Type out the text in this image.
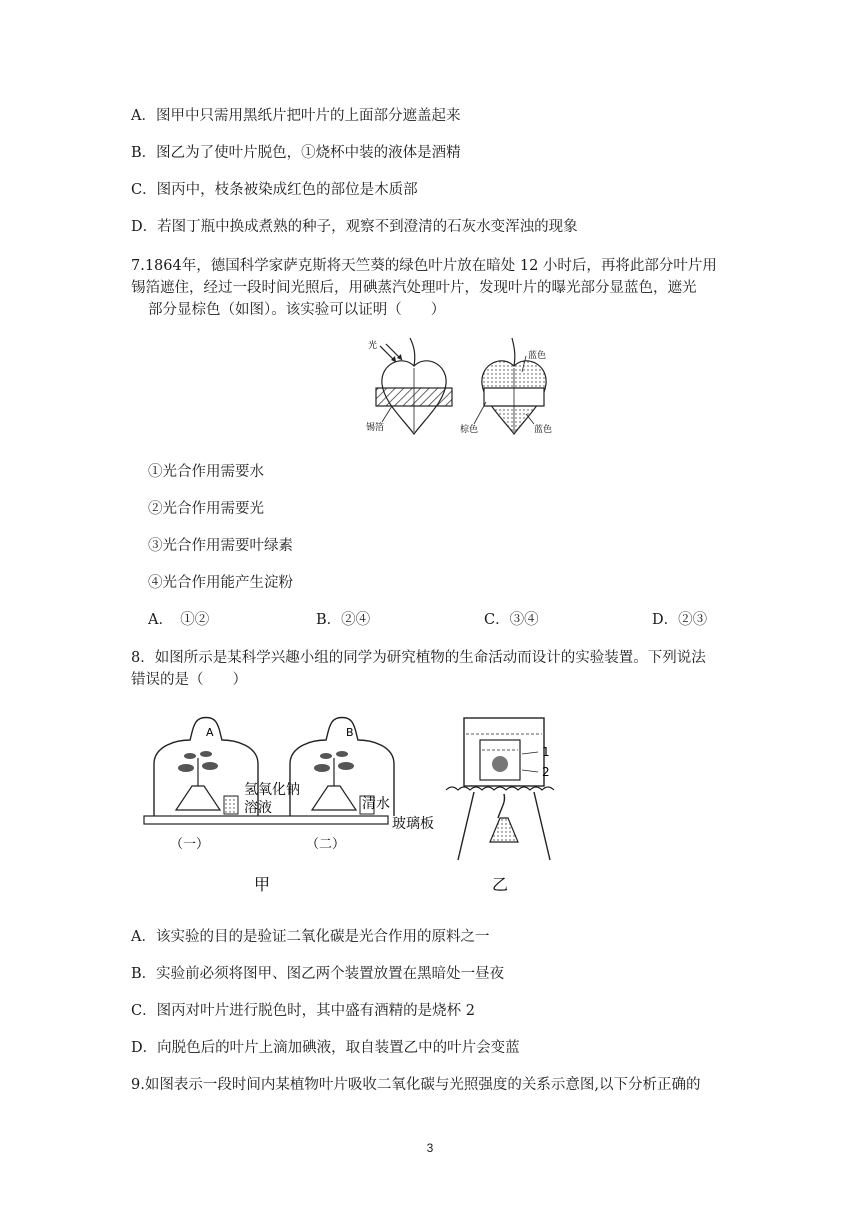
A．图甲中只需用黑纸片把叶片的上面部分遮盖起来
B．图乙为了使叶片脱色，①烧杯中装的液体是酒精
C．图丙中，枝条被染成红色的部位是木质部
D．若图丁瓶中换成煮熟的种子，观察不到澄清的石灰水变浑浊的现象
7.1864年，德国科学家萨克斯将天竺葵的绿色叶片放在暗处 12 小时后，再将此部分叶片用
锡箔遮住，经过一段时间光照后，用碘蒸汽处理叶片，发现叶片的曝光部分显蓝色，遮光
部分显棕色（如图）。该实验可以证明（　　）
光
锡箔
蓝色
棕色	蓝色
①光合作用需要水
②光合作用需要光
③光合作用需要叶绿素
④光合作用能产生淀粉
A．　①②	B．②④	C．③④	D．②③
8．如图所示是某科学兴趣小组的同学为研究植物的生命活动而设计的实验装置。下列说法
错误的是（　　）
A
氢氧化钠
溶液
（一）
B
清水
（二）
玻璃板
甲
1
2
乙
A．该实验的目的是验证二氧化碳是光合作用的原料之一
B．实验前必须将图甲、图乙两个装置放置在黑暗处一昼夜
C．图丙对叶片进行脱色时，其中盛有酒精的是烧杯 2
D．向脱色后的叶片上滴加碘液，取自装置乙中的叶片会变蓝
9.如图表示一段时间内某植物叶片吸收二氧化碳与光照强度的关系示意图,以下分析正确的
3
